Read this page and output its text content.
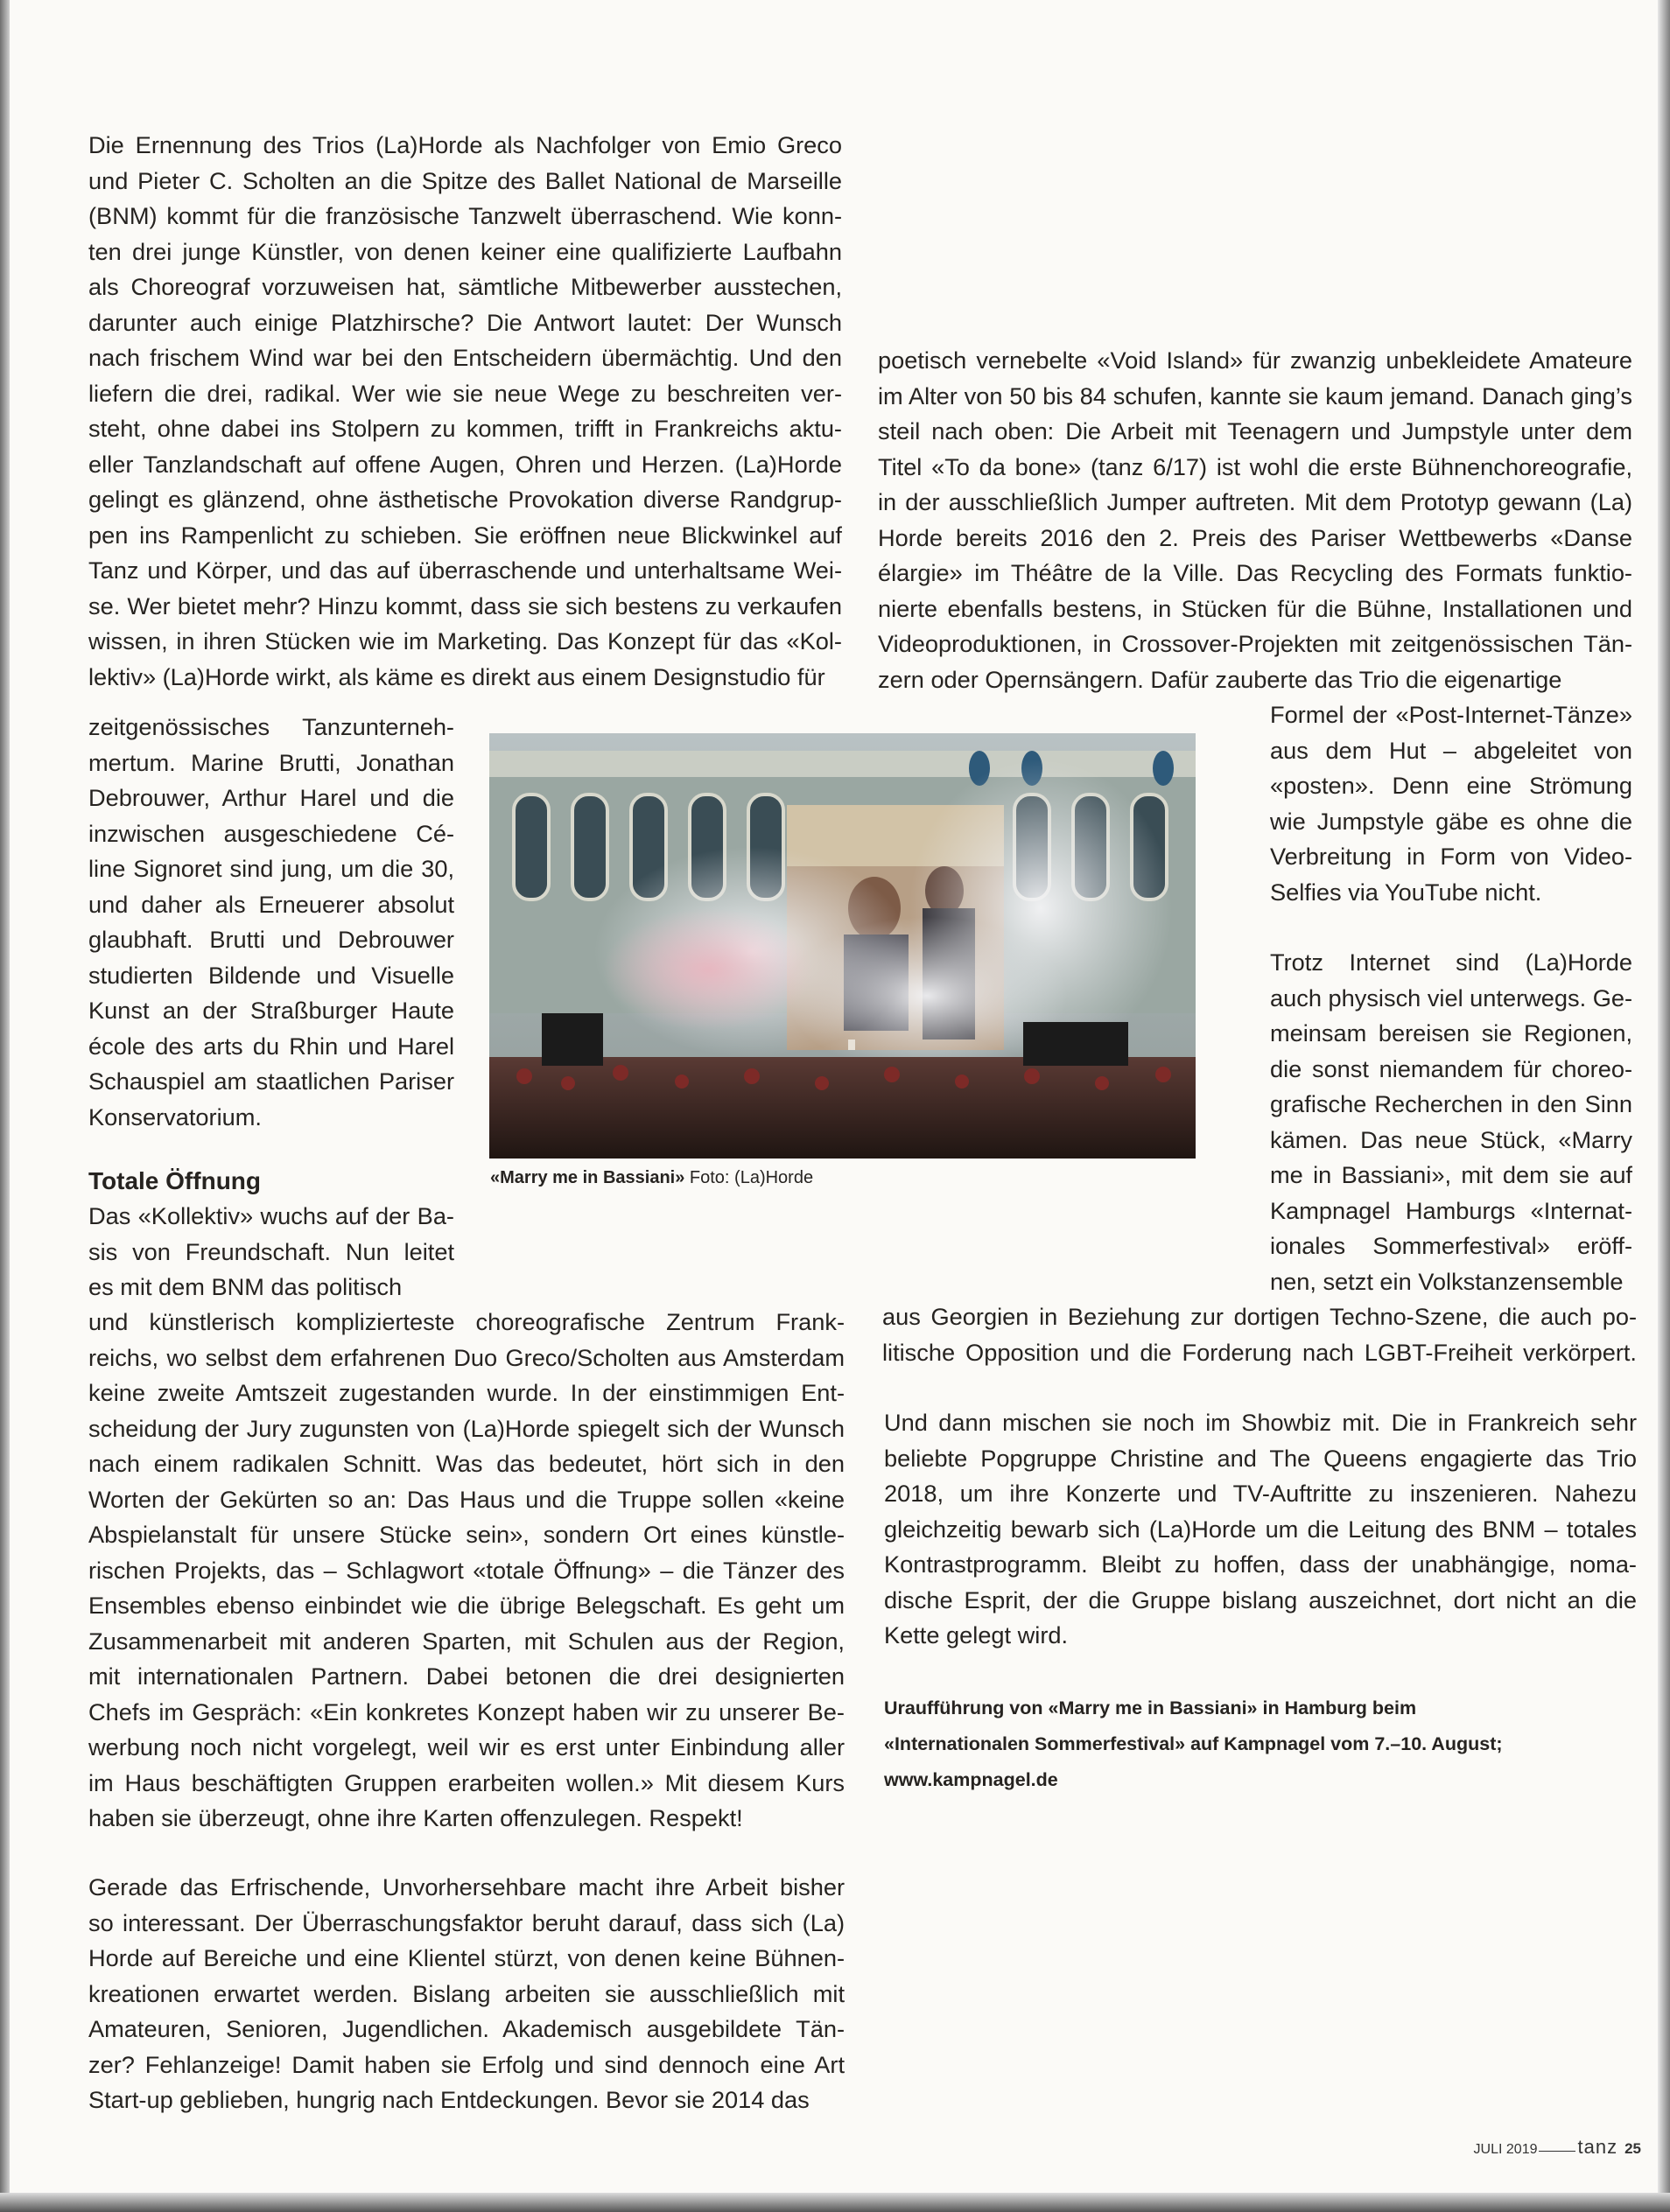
Die Ernennung des Trios (La)Horde als Nachfolger von Emio Greco
und Pieter C. Scholten an die Spitze des Ballet National de Marseille
(BNM) kommt für die französische Tanzwelt überraschend. Wie konn-
ten drei junge Künstler, von denen keiner eine qualifizierte Laufbahn
als Choreograf vorzuweisen hat, sämtliche Mitbewerber ausstechen,
darunter auch einige Platzhirsche? Die Antwort lautet: Der Wunsch
nach frischem Wind war bei den Entscheidern übermächtig. Und den
liefern die drei, radikal. Wer wie sie neue Wege zu beschreiten ver-
steht, ohne dabei ins Stolpern zu kommen, trifft in Frankreichs aktu-
eller Tanzlandschaft auf offene Augen, Ohren und Herzen. (La)Horde
gelingt es glänzend, ohne ästhetische Provokation diverse Randgrup-
pen ins Rampenlicht zu schieben. Sie eröffnen neue Blickwinkel auf
Tanz und Körper, und das auf überraschende und unterhaltsame Wei-
se. Wer bietet mehr? Hinzu kommt, dass sie sich bestens zu verkaufen
wissen, in ihren Stücken wie im Marketing. Das Konzept für das «Kol-
lektiv» (La)Horde wirkt, als käme es direkt aus einem Designstudio für
zeitgenössisches Tanzunterneh-
mertum. Marine Brutti, Jonathan
Debrouwer, Arthur Harel und die
inzwischen ausgeschiedene Cé-
line Signoret sind jung, um die 30,
und daher als Erneuerer absolut
glaubhaft. Brutti und Debrouwer
studierten Bildende und Visuelle
Kunst an der Straßburger Haute
école des arts du Rhin und Harel
Schauspiel am staatlichen Pariser
Konservatorium.
Totale Öffnung
Das «Kollektiv» wuchs auf der Ba-
sis von Freundschaft. Nun leitet
es mit dem BNM das politisch
und künstlerisch komplizierteste choreografische Zentrum Frank-
reichs, wo selbst dem erfahrenen Duo Greco/Scholten aus Amsterdam
keine zweite Amtszeit zugestanden wurde. In der einstimmigen Ent-
scheidung der Jury zugunsten von (La)Horde spiegelt sich der Wunsch
nach einem radikalen Schnitt. Was das bedeutet, hört sich in den
Worten der Gekürten so an: Das Haus und die Truppe sollen «keine
Abspielanstalt für unsere Stücke sein», sondern Ort eines künstle-
rischen Projekts, das – Schlagwort «totale Öffnung» – die Tänzer des
Ensembles ebenso einbindet wie die übrige Belegschaft. Es geht um
Zusammenarbeit mit anderen Sparten, mit Schulen aus der Region,
mit internationalen Partnern. Dabei betonen die drei designierten
Chefs im Gespräch: «Ein konkretes Konzept haben wir zu unserer Be-
werbung noch nicht vorgelegt, weil wir es erst unter Einbindung aller
im Haus beschäftigten Gruppen erarbeiten wollen.» Mit diesem Kurs
haben sie überzeugt, ohne ihre Karten offenzulegen. Respekt!
Gerade das Erfrischende, Unvorhersehbare macht ihre Arbeit bisher
so interessant. Der Überraschungsfaktor beruht darauf, dass sich (La)
Horde auf Bereiche und eine Klientel stürzt, von denen keine Bühnen-
kreationen erwartet werden. Bislang arbeiten sie ausschließlich mit
Amateuren, Senioren, Jugendlichen. Akademisch ausgebildete Tän-
zer? Fehlanzeige! Damit haben sie Erfolg und sind dennoch eine Art
Start-up geblieben, hungrig nach Entdeckungen. Bevor sie 2014 das
poetisch vernebelte «Void Island» für zwanzig unbekleidete Amateure
im Alter von 50 bis 84 schufen, kannte sie kaum jemand. Danach ging’s
steil nach oben: Die Arbeit mit Teenagern und Jumpstyle unter dem
Titel «To da bone» (tanz 6/17) ist wohl die erste Bühnenchoreografie,
in der ausschließlich Jumper auftreten. Mit dem Prototyp gewann (La)
Horde bereits 2016 den 2. Preis des Pariser Wettbewerbs «Danse
élargie» im Théâtre de la Ville. Das Recycling des Formats funktio-
nierte ebenfalls bestens, in Stücken für die Bühne, Installationen und
Videoproduktionen, in Crossover-Projekten mit zeitgenössischen Tän-
zern oder Opernsängern. Dafür zauberte das Trio die eigenartige
Formel der «Post-Internet-Tänze»
aus dem Hut – abgeleitet von
«posten». Denn eine Strömung
wie Jumpstyle gäbe es ohne die
Verbreitung in Form von Video-
Selfies via YouTube nicht.
Trotz Internet sind (La)Horde
auch physisch viel unterwegs. Ge-
meinsam bereisen sie Regionen,
die sonst niemandem für choreo-
grafische Recherchen in den Sinn
kämen. Das neue Stück, «Marry
me in Bassiani», mit dem sie auf
Kampnagel Hamburgs «Internat-
ionales Sommerfestival» eröff-
nen, setzt ein Volkstanzensemble
aus Georgien in Beziehung zur dortigen Techno-Szene, die auch po-
litische Opposition und die Forderung nach LGBT-Freiheit verkörpert.
Und dann mischen sie noch im Showbiz mit. Die in Frankreich sehr
beliebte Popgruppe Christine and The Queens engagierte das Trio
2018, um ihre Konzerte und TV-Auftritte zu inszenieren. Nahezu
gleichzeitig bewarb sich (La)Horde um die Leitung des BNM – totales
Kontrastprogramm. Bleibt zu hoffen, dass der unabhängige, noma-
dische Esprit, der die Gruppe bislang auszeichnet, dort nicht an die
Kette gelegt wird.
Uraufführung von «Marry me in Bassiani» in Hamburg beim
«Internationalen Sommerfestival» auf Kampnagel vom 7.–10. August;
www.kampnagel.de
«Marry me in Bassiani» Foto: (La)Horde
JULI 2019 tanz 25
